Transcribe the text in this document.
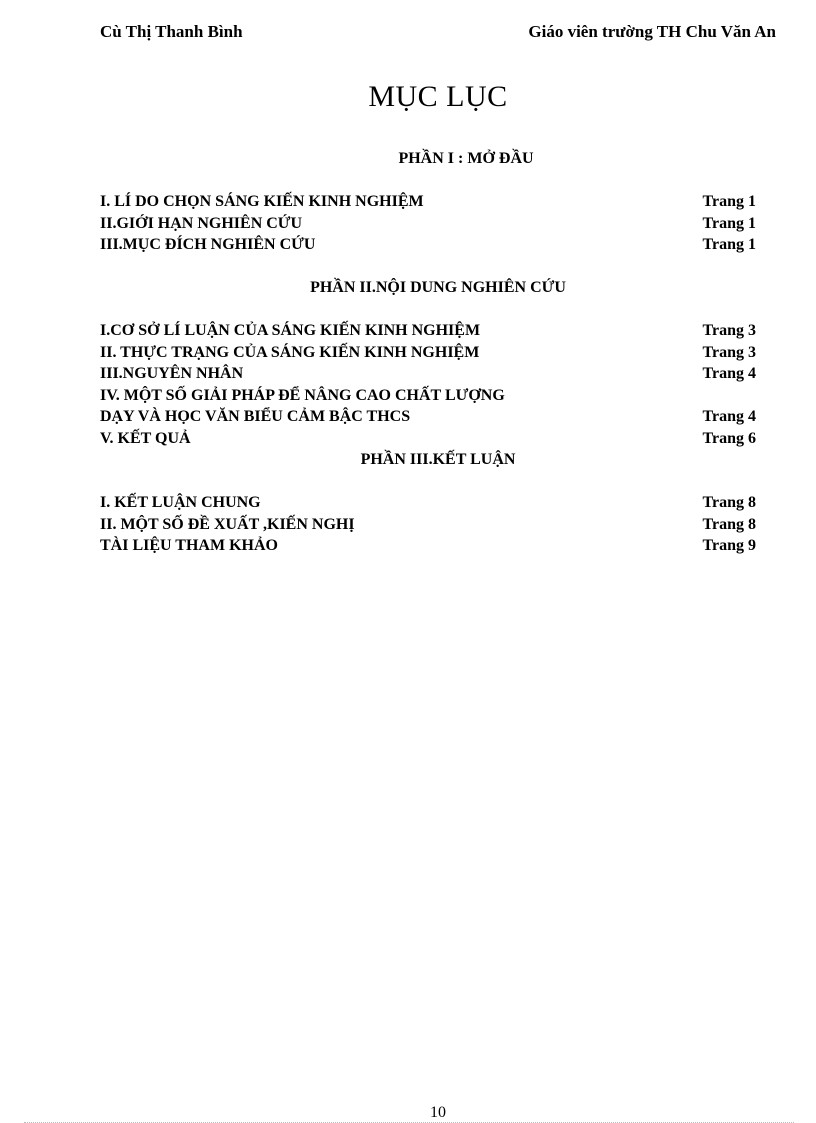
Cù Thị Thanh Bình	Giáo viên trường TH Chu Văn An
MỤC LỤC
PHẦN I : MỞ ĐẦU
I. LÍ DO CHỌN SÁNG KIẾN KINH NGHIỆM	Trang 1
II.GIỚI HẠN NGHIÊN CỨU	Trang 1
III.MỤC ĐÍCH NGHIÊN CỨU	Trang 1
PHẦN II.NỘI DUNG NGHIÊN CỨU
I.CƠ SỞ LÍ LUẬN CỦA SÁNG KIẾN KINH NGHIỆM	Trang 3
II. THỰC TRẠNG CỦA SÁNG KIẾN KINH NGHIỆM	Trang 3
III.NGUYÊN NHÂN	Trang 4
IV. MỘT SỐ GIẢI PHÁP ĐỂ NÂNG CAO CHẤT LƯỢNG
DẠY VÀ HỌC VĂN BIỂU CẢM BẬC THCS	Trang 4
V. KẾT QUẢ	Trang 6
PHẦN III.KẾT LUẬN
I. KẾT LUẬN CHUNG	Trang 8
II. MỘT SỐ ĐỀ XUẤT ,KIẾN NGHỊ	Trang 8
TÀI LIỆU THAM KHẢO	Trang 9
10
